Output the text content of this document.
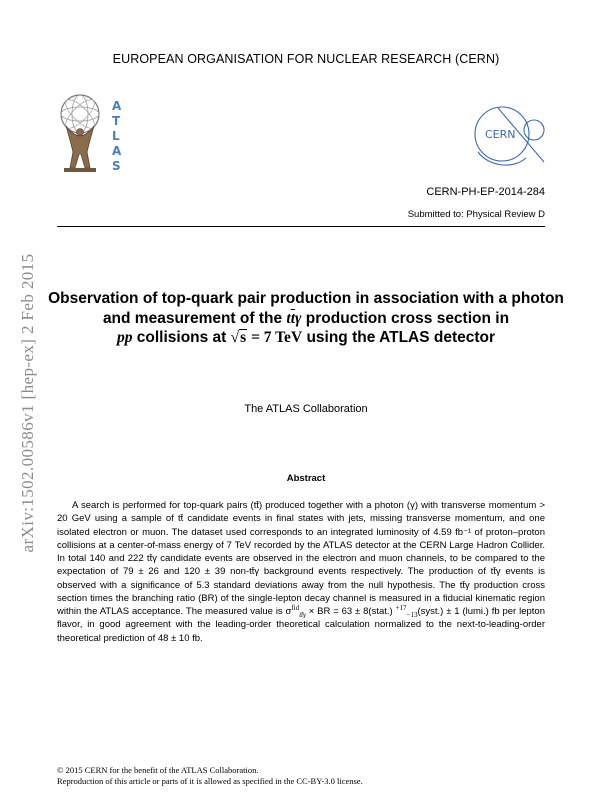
EUROPEAN ORGANISATION FOR NUCLEAR RESEARCH (CERN)
A
T
L
A
S
CERN
CERN-PH-EP-2014-284
Submitted to: Physical Review D
arXiv:1502.00586v1 [hep-ex] 2 Feb 2015 Observation of top-quark pair production in association with a photon and measurement of the $t\overline{t}\gamma$ production cross section in
pp collisions at √s = 7 TeV using the ATLAS detector
The ATLAS Collaboration
Abstract
A search is performed for top-quark pairs (tt̄) produced together with a photon (γ) with transverse momentum > 20 GeV using a sample of tt̄ candidate events in final states with jets, missing transverse momentum, and one isolated electron or muon. The dataset used corresponds to an integrated luminosity of 4.59 fb⁻¹ of proton–proton collisions at a center-of-mass energy of 7 TeV recorded by the ATLAS detector at the CERN Large Hadron Collider. In total 140 and 222 tt̄γ candidate events are observed in the electron and muon channels, to be compared to the expectation of 79 ± 26 and 120 ± 39 non-tt̄γ background events respectively. The production of tt̄γ events is observed with a significance of 5.3 standard deviations away from the null hypothesis. The tt̄γ production cross section times the branching ratio (BR) of the single-lepton decay channel is measured in a fiducial kinematic region within the ATLAS acceptance. The measured value is $\sigma^{fid}_{tt̄\gamma}$ × BR = 63 ± 8(stat.) $^{+17}_{-13}$(syst.) ± 1 (lumi.) fb per lepton flavor, in good agreement with the leading-order theoretical calculation normalized to the next-to-leading-order theoretical prediction of 48 ± 10 fb.
© 2015 CERN for the benefit of the ATLAS Collaboration.
Reproduction of this article or parts of it is allowed as specified in the CC-BY-3.0 license.
